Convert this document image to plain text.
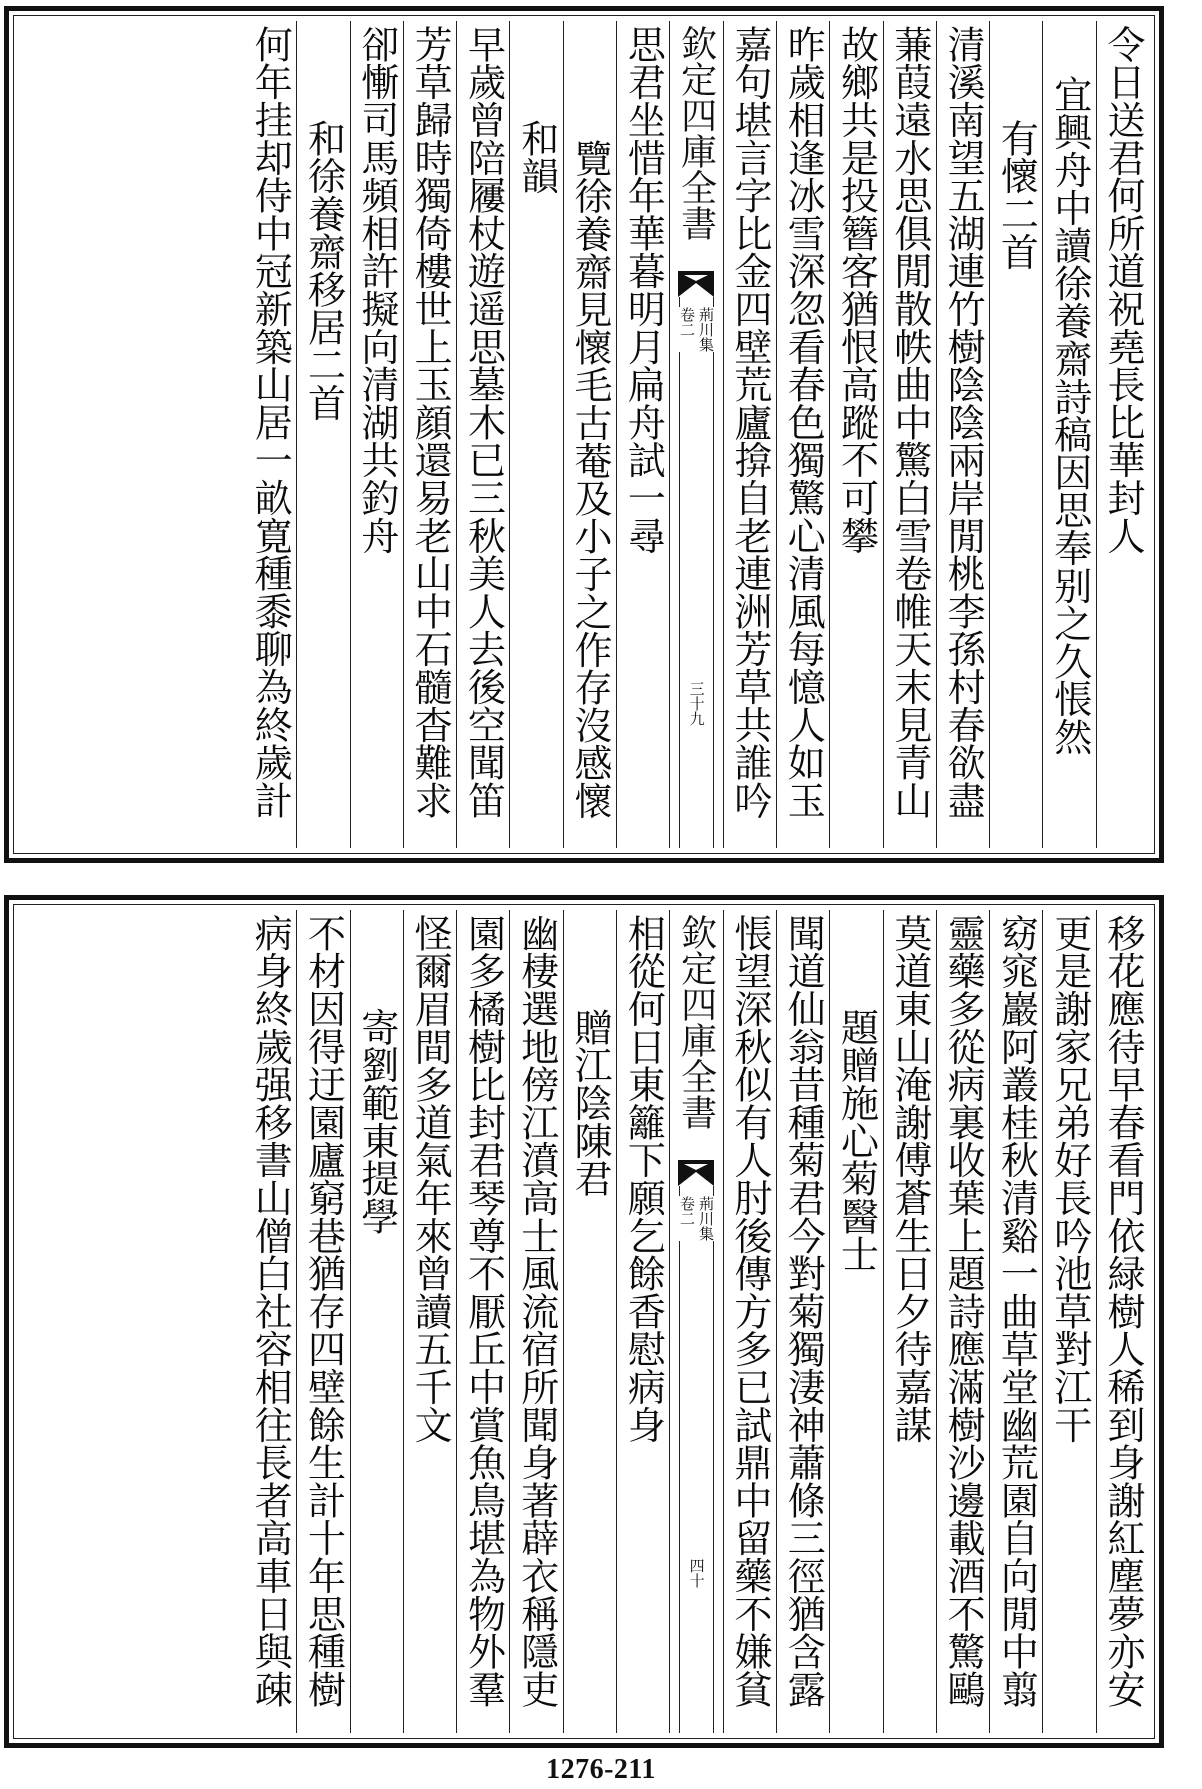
令日送君何所道祝堯長比華封人
宜興舟中讀徐養齋詩稿因思奉别之久悵然
有懷二首
清溪南望五湖連竹樹陰陰兩岸閒桃李孫村春欲盡
蒹葭遠水思俱閒散帙曲中驚白雪卷帷天末見青山
故鄉共是投簪客猶恨高蹤不可攀
昨歲相逢冰雪深忽看春色獨驚心清風每憶人如玉
嘉句堪言字比金四壁荒廬揜自老連洲芳草共誰吟
欽定四庫全書
荊川集
卷二
三十九
思君坐惜年華暮明月扁舟試一尋
覽徐養齋見懷毛古菴及小子之作存沒感懷
和韻
早歲曾陪屨杖遊遥思墓木已三秋美人去後空聞笛
芳草歸時獨倚樓世上玉顔還易老山中石髓杳難求
卻慚司馬頻相許擬向清湖共釣舟
和徐養齋移居二首
何年挂却侍中冠新築山居一畝寛種黍聊為終歲計
移花應待早春看門依緑樹人稀到身謝紅塵夢亦安
更是謝家兄弟好長吟池草對江干
窈窕巖阿叢桂秋清谿一曲草堂幽荒園自向閒中翦
靈藥多從病裏收葉上題詩應滿樹沙邊載酒不驚鷗
莫道東山淹謝傅蒼生日夕待嘉謀
題贈施心菊醫士
聞道仙翁昔種菊君今對菊獨淒神蕭條三徑猶含露
悵望深秋似有人肘後傳方多已試鼎中留藥不嫌貧
欽定四庫全書
荊川集
卷二
四十
相從何日東籬下願乞餘香慰病身
贈江陰陳君
幽棲選地傍江濆高士風流宿所聞身著薜衣稱隱吏
園多橘樹比封君琴尊不厭丘中賞魚鳥堪為物外羣
怪爾眉間多道氣年來曾讀五千文
寄劉範東提學
不材因得迂園廬窮巷猶存四壁餘生計十年思種樹
病身終歲强移書山僧白社容相往長者高車日與疎
1276-211
